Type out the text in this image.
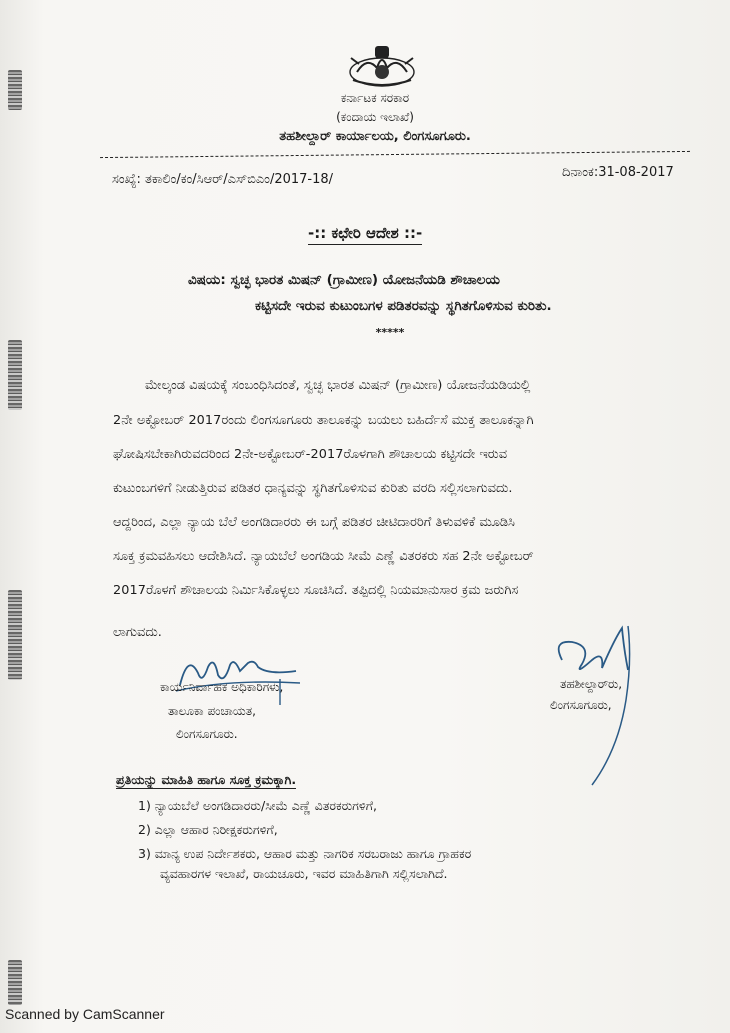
ಕರ್ನಾಟಕ ಸರಕಾರ
(ಕಂದಾಯ ಇಲಾಖೆ)
ತಹಶೀಲ್ದಾರ್ ಕಾರ್ಯಾಲಯ, ಲಿಂಗಸೂಗೂರು.
ಸಂಖ್ಯೆ: ತಕಾಲಿಂ/ಕಂ/ಸಿಆರ್/ಎಸ್‌ಬಿಎಂ/2017-18/	ದಿನಾಂಕ:31-08-2017
-:: ಕಛೇರಿ ಆದೇಶ ::-
ವಿಷಯ: ಸ್ವಚ್ಛ ಭಾರತ ಮಿಷನ್ (ಗ್ರಾಮೀಣ) ಯೋಜನೆಯಡಿ ಶೌಚಾಲಯ
ಕಟ್ಟಿಸದೇ ಇರುವ ಕುಟುಂಬಗಳ ಪಡಿತರವನ್ನು ಸ್ಥಗಿತಗೊಳಿಸುವ ಕುರಿತು.
*****
ಮೇಲ್ಕಂಡ ವಿಷಯಕ್ಕೆ ಸಂಬಂಧಿಸಿದಂತೆ, ಸ್ವಚ್ಛ ಭಾರತ ಮಿಷನ್ (ಗ್ರಾಮೀಣ) ಯೋಜನೆಯಡಿಯಲ್ಲಿ
2ನೇ ಅಕ್ಟೋಬರ್ 2017ರಂದು ಲಿಂಗಸೂಗೂರು ತಾಲೂಕನ್ನು ಬಯಲು ಬಹಿರ್ದೆಸೆ ಮುಕ್ತ ತಾಲೂಕನ್ನಾಗಿ
ಘೋಷಿಸಬೇಕಾಗಿರುವದರಿಂದ 2ನೇ-ಅಕ್ಟೋಬರ್-2017ರೊಳಗಾಗಿ ಶೌಚಾಲಯ ಕಟ್ಟಿಸದೇ ಇರುವ
ಕುಟುಂಬಗಳಿಗೆ ನೀಡುತ್ತಿರುವ ಪಡಿತರ ಧಾನ್ಯವನ್ನು ಸ್ಥಗಿತಗೊಳಿಸುವ ಕುರಿತು ವರದಿ ಸಲ್ಲಿಸಲಾಗುವದು.
ಆದ್ದರಿಂದ, ಎಲ್ಲಾ ನ್ಯಾಯ ಬೆಲೆ ಅಂಗಡಿದಾರರು ಈ ಬಗ್ಗೆ ಪಡಿತರ ಚೀಟಿದಾರರಿಗೆ ತಿಳುವಳಿಕೆ ಮೂಡಿಸಿ
ಸೂಕ್ತ ಕ್ರಮವಹಿಸಲು ಆದೇಶಿಸಿದೆ. ನ್ಯಾಯಬೆಲೆ ಅಂಗಡಿಯ ಸೀಮೆ ಎಣ್ಣೆ ವಿತರಕರು ಸಹ 2ನೇ ಅಕ್ಟೋಬರ್
2017ರೊಳಗೆ ಶೌಚಾಲಯ ನಿರ್ಮಿಸಿಕೊಳ್ಳಲು ಸೂಚಿಸಿದೆ. ತಪ್ಪಿದಲ್ಲಿ ನಿಯಮಾನುಸಾರ ಕ್ರಮ ಜರುಗಿಸ
ಲಾಗುವದು.
ಕಾರ್ಯನಿರ್ವಾಹಕ ಅಧಿಕಾರಿಗಳು,
ತಾಲೂಕಾ ಪಂಚಾಯತ,
ಲಿಂಗಸೂಗೂರು.
ತಹಶೀಲ್ದಾರ್‌ರು,
ಲಿಂಗಸೂಗೂರು,
ಪ್ರತಿಯನ್ನು ಮಾಹಿತಿ ಹಾಗೂ ಸೂಕ್ತ ಕ್ರಮಕ್ಕಾಗಿ.
1) ನ್ಯಾಯಬೆಲೆ ಅಂಗಡಿದಾರರು/ಸೀಮೆ ಎಣ್ಣೆ ವಿತರಕರುಗಳಿಗೆ,
2) ಎಲ್ಲಾ ಆಹಾರ ನಿರೀಕ್ಷಕರುಗಳಿಗೆ,
3) ಮಾನ್ಯ ಉಪ ನಿರ್ದೇಶಕರು, ಆಹಾರ ಮತ್ತು ನಾಗರಿಕ ಸರಬರಾಜು ಹಾಗೂ ಗ್ರಾಹಕರ
ವ್ಯವಹಾರಗಳ ಇಲಾಖೆ, ರಾಯಚೂರು, ಇವರ ಮಾಹಿತಿಗಾಗಿ ಸಲ್ಲಿಸಲಾಗಿದೆ.
Scanned by CamScanner
